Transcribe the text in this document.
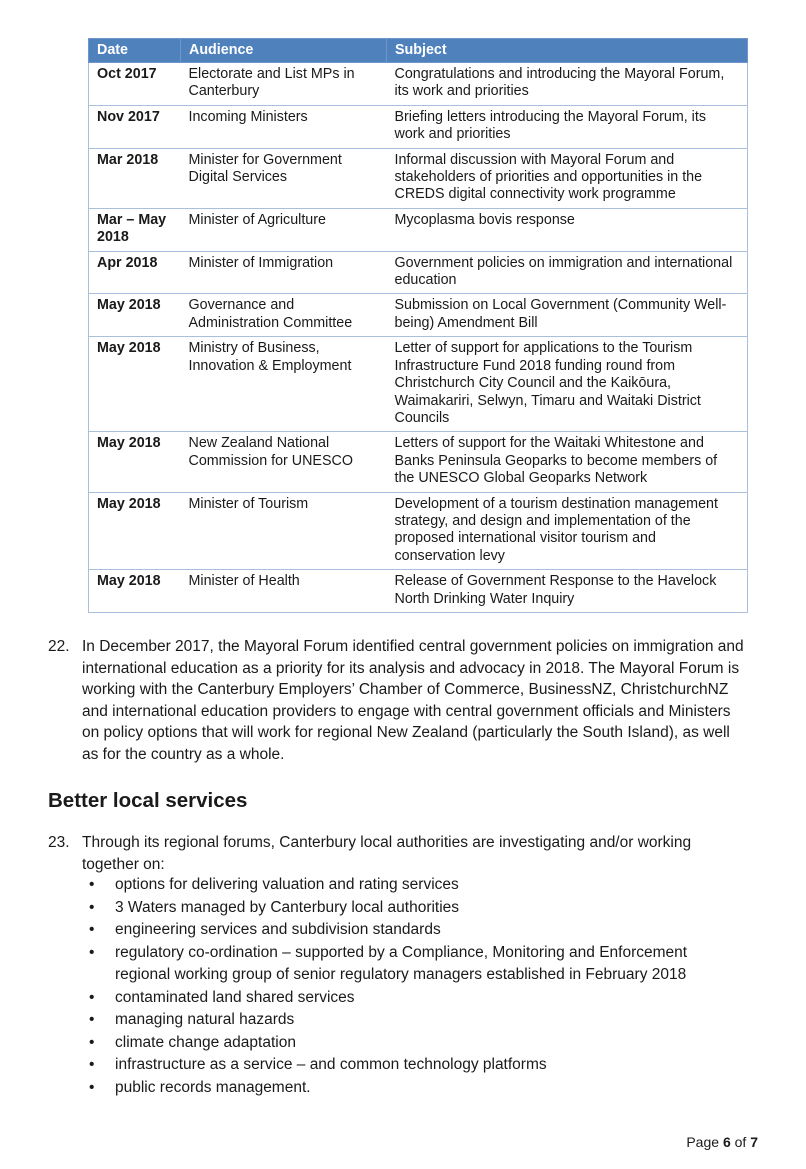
Date	Audience	Subject
Oct 2017	Electorate and List MPs in Canterbury	Congratulations and introducing the Mayoral Forum, its work and priorities
Nov 2017	Incoming Ministers	Briefing letters introducing the Mayoral Forum, its work and priorities
Mar 2018	Minister for Government Digital Services	Informal discussion with Mayoral Forum and stakeholders of priorities and opportunities in the CREDS digital connectivity work programme
Mar – May 2018	Minister of Agriculture	Mycoplasma bovis response
Apr 2018	Minister of Immigration	Government policies on immigration and international education
May 2018	Governance and Administration Committee	Submission on Local Government (Community Well-being) Amendment Bill
May 2018	Ministry of Business, Innovation & Employment	Letter of support for applications to the Tourism Infrastructure Fund 2018 funding round from Christchurch City Council and the Kaikōura, Waimakariri, Selwyn, Timaru and Waitaki District Councils
May 2018	New Zealand National Commission for UNESCO	Letters of support for the Waitaki Whitestone and Banks Peninsula Geoparks to become members of the UNESCO Global Geoparks Network
May 2018	Minister of Tourism	Development of a tourism destination management strategy, and design and implementation of the proposed international visitor tourism and conservation levy
May 2018	Minister of Health	Release of Government Response to the Havelock North Drinking Water Inquiry
22. In December 2017, the Mayoral Forum identified central government policies on immigration and international education as a priority for its analysis and advocacy in 2018. The Mayoral Forum is working with the Canterbury Employers’ Chamber of Commerce, BusinessNZ, ChristchurchNZ and international education providers to engage with central government officials and Ministers on policy options that will work for regional New Zealand (particularly the South Island), as well as for the country as a whole.
Better local services
23. Through its regional forums, Canterbury local authorities are investigating and/or working together on:
• options for delivering valuation and rating services
• 3 Waters managed by Canterbury local authorities
• engineering services and subdivision standards
• regulatory co-ordination – supported by a Compliance, Monitoring and Enforcement regional working group of senior regulatory managers established in February 2018
• contaminated land shared services
• managing natural hazards
• climate change adaptation
• infrastructure as a service – and common technology platforms
• public records management.
Page 6 of 7
